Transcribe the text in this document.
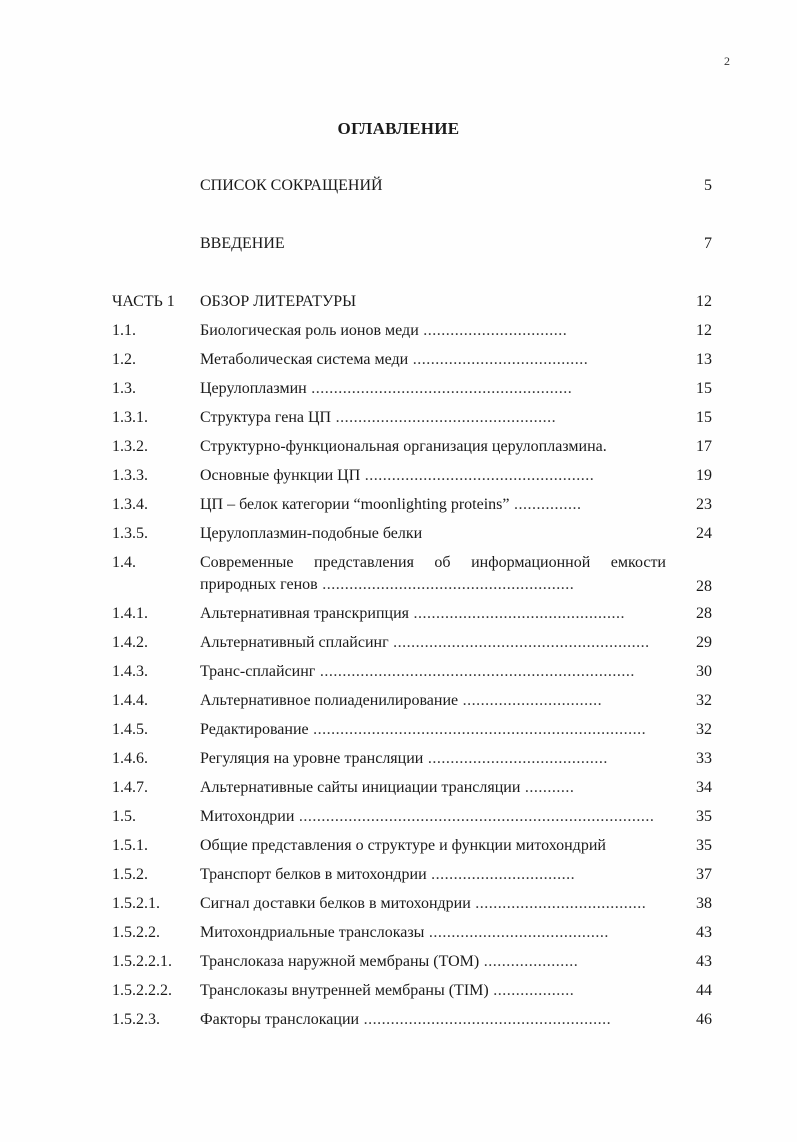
2
ОГЛАВЛЕНИЕ
СПИСОК СОКРАЩЕНИЙ	5
ВВЕДЕНИЕ	7
ЧАСТЬ 1	ОБЗОР ЛИТЕРАТУРЫ	12
1.1.	Биологическая роль ионов меди ................................	12
1.2.	Метаболическая система меди .......................................	13
1.3.	Церулоплазмин ..........................................................	15
1.3.1.	Структура гена ЦП .................................................	15
1.3.2.	Структурно-функциональная организация церулоплазмина.	17
1.3.3.	Основные функции ЦП ...................................................	19
1.3.4.	ЦП – белок категории “moonlighting proteins” ...............	23
1.3.5.	Церулоплазмин-подобные белки	24
1.4.	Современные представления об информационной емкости
природных генов ........................................................	28
1.4.1.	Альтернативная транскрипция ...............................................	28
1.4.2.	Альтернативный сплайсинг .........................................................	29
1.4.3.	Транс-сплайсинг ......................................................................	30
1.4.4.	Альтернативное полиаденилирование ...............................	32
1.4.5.	Редактирование ..........................................................................	32
1.4.6.	Регуляция на уровне трансляции ........................................	33
1.4.7.	Альтернативные сайты инициации трансляции ...........	34
1.5.	Митохондрии ...............................................................................	35
1.5.1.	Общие представления о структуре и функции митохондрий	35
1.5.2.	Транспорт белков в митохондрии ................................	37
1.5.2.1.	Сигнал доставки белков в митохондрии ......................................	38
1.5.2.2.	Митохондриальные транслоказы ........................................	43
1.5.2.2.1.	Транслоказа наружной мембраны (TOM) .....................	43
1.5.2.2.2.	Транслоказы внутренней мембраны (TIM) ..................	44
1.5.2.3.	Факторы транслокации .......................................................	46
